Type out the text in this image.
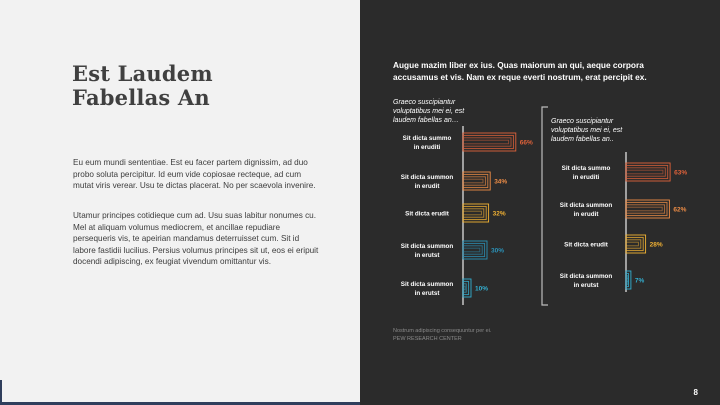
Est Laudem
Fabellas An

Eu eum mundi sententiae. Est eu facer partem dignissim, ad duo probo soluta percipitur. Id eum vide copiosae recteque, ad cum mutat viris verear. Usu te dictas placerat. No per scaevola invenire.

Utamur principes cotidieque cum ad. Usu suas labitur nonumes cu. Mel at aliquam volumus mediocrem, et ancillae repudiare persequeris vis, te apeirian mandamus deterruisset cum. Sit id labore fastidii lucilius. Persius volumus principes sit ut, eos ei eripuit docendi adipiscing, ex feugiat vivendum omittantur vis.

Augue mazim liber ex ius. Quas maiorum an qui, aeque corpora accusamus et vis. Nam ex reque everti nostrum, erat percipit ex.

Graeco suscipiantur voluptatibus mei ei, est laudem fabellas an…
66%
Sit dicta summo in eruditi
34%
Sit dicta summon in erudit
32%
Sit dicta erudit
30%
Sit dicta summon in erutst
10%
Sit dicta summon in erutst
Graeco suscipiantur voluptatibus mei ei, est laudem fabellas an..
63%
Sit dicta summo in eruditi
62%
Sit dicta summon in erudit
28%
Sit dicta erudit
7%
Sit dicta summon in erutst
Nostrum adipiscing consequuntur per ei.
PEW RESEARCH CENTER
8
